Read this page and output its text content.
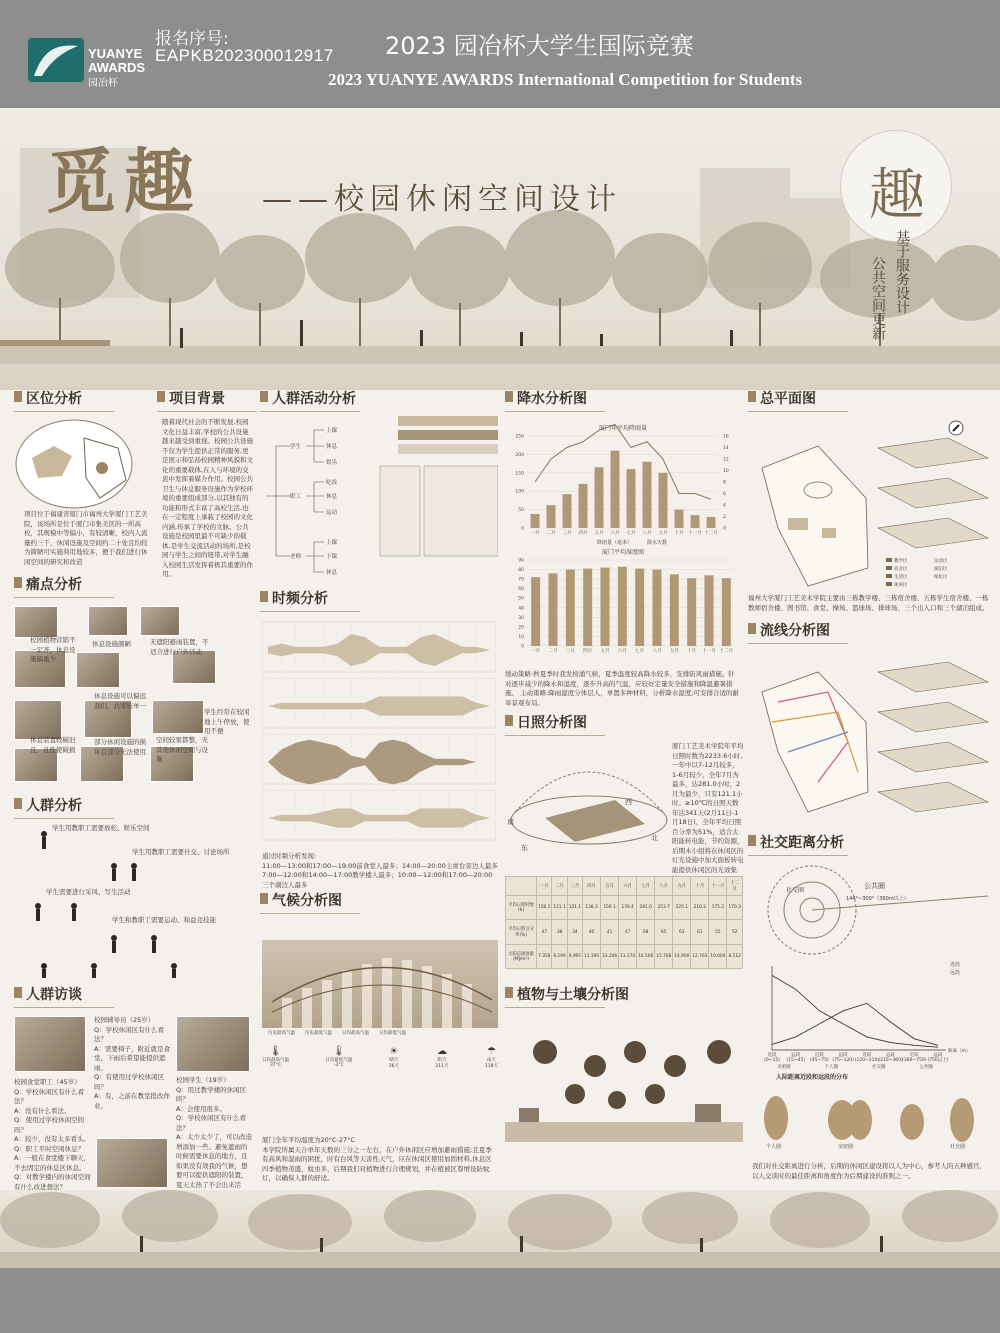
YUANYE
AWARDS
园冶杯
报名序号:
EAPKB202300012917 2023 园冶杯大学生国际竞赛
2023 YUANYE AWARDS International Competition for Students
觅趣 ——校园休闲空间设计	趣
基于服务设计
公共空间更新
区位分析	项目背景	人群活动分析	降水分析图	总平面图
痛点分析
时频分析
流线分析图
日照分析图
人群分析
社交距离分析
气候分析图
人群访谈	植物与土壤分析图
项目位于福建省厦门市福州大学厦门工艺美院，该场所是位于厦门市集美区的一所高校，其规模中等偏小，有较清晰，校内人流量约三千，休闲设施及空间约二十处且均较为简陋可实施利用地较多，便于我们进行休闲空间的研究和改造
随着现代社会的不断发展,校园文化日益丰富,学校的公共设施越来越受到重视。校园公共设施不仅为学生提供正常的服务,更是展示和弘扬校园精神风貌和文化的重要载体,在人与环境的交流中发挥着媒介作用。校园公共卫生与休息服务设施作为学校环境的重要组成部分,以其独有的功能和形式丰富了高校生活,也在一定程度上承载了校园的文化内涵,传承了学校的文脉。公共设施是校园里最不可缺少的载体,是学生交流活动的场所,是校园与学生之间的纽带,对学生融入校园生活发挥着极其重要的作用。
学生
职工
老师
上课
休息
娱乐
吃饭
休息
运动
上课
下课
休息
厦门年平均降雨量
0
50
100
150
200
250
0
2
4
6
8
10
12
14
16
一月 二月 三月 四月 五月 六月 七月 八月 九月 十月 十一月 十二月
降雨量（毫米）	降水天数
厦门平均湿度图
0
10
20
30
40
50
60
70
80
90
一月 二月 三月 四月 五月 六月 七月 八月 九月 十月 十一月 十二月
缓动策略:秋夏季时我发按涌气候，夏季温度较高降水较多，安排防风雨措施。针对逐步减少的降水和湿度，逐步升高的气温，应较好定量安全措施和降温避暑措施。 主动策略:降雨湿度分体层人，单置多种材料，分析降水湿度;可安排合适的耐旱景观布局。
教学区
宿舍区
生活区
休闲区
运动区
湖泊区
绿化区
福州大学厦门工艺美术学院主要由三栋教学楼、三栋宿舍楼、五栋学生宿舍楼、一栋教师宿舍楼、图书馆、食堂、操场、篮球场、排球场、三个出入口和三个湖泊组成。
校园植物营销不一定齐，休息设施偏重少
休息设施颜陋	无遮阳避雨装置，不适合进行户外活动
休息装置较破旧且，且性使破损
休息设施可以偏远我们，共享较单一
部分休闲设施的损坏且部分无法使用
空间较果都整，无其他休闲空间与设施
学生经常在较闲地上午停放，使用不便
通过时频分析发现:
11:00—13:00和17:00—19:00前食堂人最多；14:00—20:00主席台旁边人最多
7:00—12:00和14:00—17:00教学楼人最多；10:00—12:00和17:00—20:00三个湖边人最多
南
东
西
北
厦门工艺美术学院年平均日照时数为2233.6小时,一年中以7-12月较多，1-6月较少，全年7月为最多，达281.0小时，2月为最少，只有121.1小时。≥10℃的日照天数年达341天(2月11日-1月18日)，全年平均日照百分率为51%，适合太阳能转电能，节约资源，后期木小组将在休闲区的灯光设施中加大面板转电能提供休闲区的光效集
	一月	二月	三月	四月	五月	六月	七月	八月	九月	十月	十一月	十二月
平均日照时数(h)	156.1	121.1	121.1	138.3	156.1	178.4	281.0	253.7	225.1	210.2	175.2	170.3
平均日照百分率(%)	47	38	34	40	41	47	68	65	63	61	55	52
太阳总辐射量(MJ/m²)	7.358	8.199	9.995	11.390	13.206	11.274	16.506	15.768	14.900	12.703	10.004	8.512
学生用教职工需要放松、娱乐空间
学生用教职工需要社交、讨论场所
学生需要进行采风、写生活动
学生和教职工需要运动、和益竞技能
历史最高气温 历史最低气温 日均最高气温 日均最低气温
🌡
日均最高气温
37°C
🌡
日均最低气温
-3°C
☀
晴天
36天
☁
阴天
211天
☂
雨天
118天
厦门全年平均温度为20°C-27°C
本学院所属天合单年天数的三分之一左右，在户外休闲区应增加避雨措施;且夏季有高风和湿雨的困扰，时有台风等天害性天气，应在休闲区使用加固材料,休息区四季植物茂盛，蚊虫多，后期我们对植物进行合理规划，并在植被区尊增设防蚊灯，以确保人群的舒适。
校园辅导员（25岁）
Q：学校休闲区有什么看法？
A：需要椅子，附近就是食堂，下雨后希望能提供遮雨。
Q：有使用过学校休闲区吗？
A：有，之前在教室批改作业。
校园食堂职工（45岁）
Q：学校休闲区有什么看法？
A：没有什么看法。
Q：使用过学校休闲空间吗？
A：较少，没有太多看头。
Q：职工平时空闲休息？
A：一般在食堂楼下聊天，不去固定的休息区休息。
Q：对教学楼内的休闲空间有什么改进想法？

校园学生（19岁）
Q：用过教学楼的休闲区吗？
A：会使用很多。
Q：学校休闲区有什么看法？
A：太少太少了，可以改造增添加一些。避免遮雨的时候需要休息的地方，且如果没有效我的气候，想要可以提供遮阳的装置，夏天太热了不会出来活
公共圈
144°~300°（360m以上）
社交圈
近段
(0~15)
远段
(15~45)
近段
(45~75)
远段
(75~120)
近段
(120~210)
远段
(210~360)
近段
(360~750)
远段
(750以上)
亲密圈	个人圈	社交圈	公共圈
距离（m）
人际距离近段和远段的分布
近段
远段
个人圈	亲密圈	社交圈
我们对社交距离进行分析，后期的休闲区建设将以人为中心，参考人的五种感官，以人交谈时的最佳距离和角度作为后期建设的准则之一。
